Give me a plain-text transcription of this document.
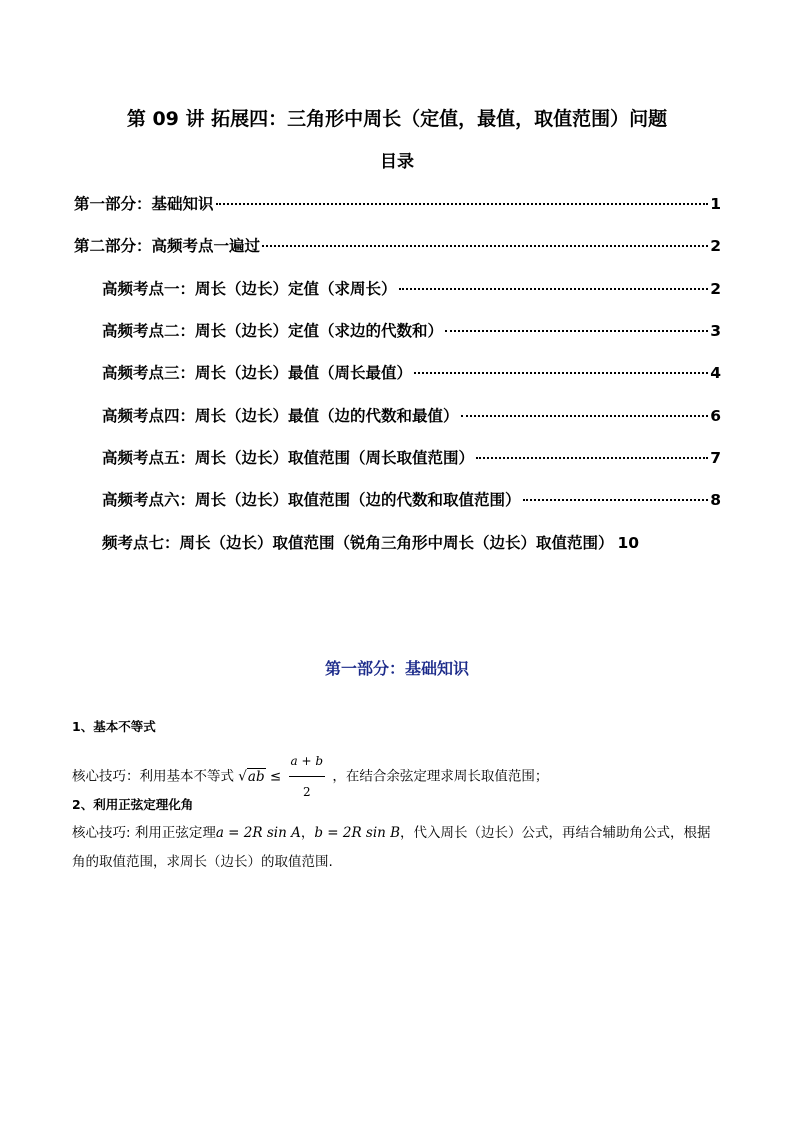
第 09 讲 拓展四：三角形中周长（定值，最值，取值范围）问题
目录
第一部分：基础知识	1
第二部分：高频考点一遍过	2
高频考点一：周长（边长）定值（求周长）	2
高频考点二：周长（边长）定值（求边的代数和）	3
高频考点三：周长（边长）最值（周长最值）	4
高频考点四：周长（边长）最值（边的代数和最值）	6
高频考点五：周长（边长）取值范围（周长取值范围）	7
高频考点六：周长（边长）取值范围（边的代数和取值范围）	8
频考点七：周长（边长）取值范围（锐角三角形中周长（边长）取值范围） 10
第一部分：基础知识
1、基本不等式
核心技巧：利用基本不等式 $√ab \le \frac{a + b}{2}$ ，在结合余弦定理求周长取值范围；
2、利用正弦定理化角
核心技巧: 利用正弦定理a = 2R sin A，b = 2R sin B，代入周长（边长）公式，再结合辅助角公式，根据
角的取值范围，求周长（边长）的取值范围.
